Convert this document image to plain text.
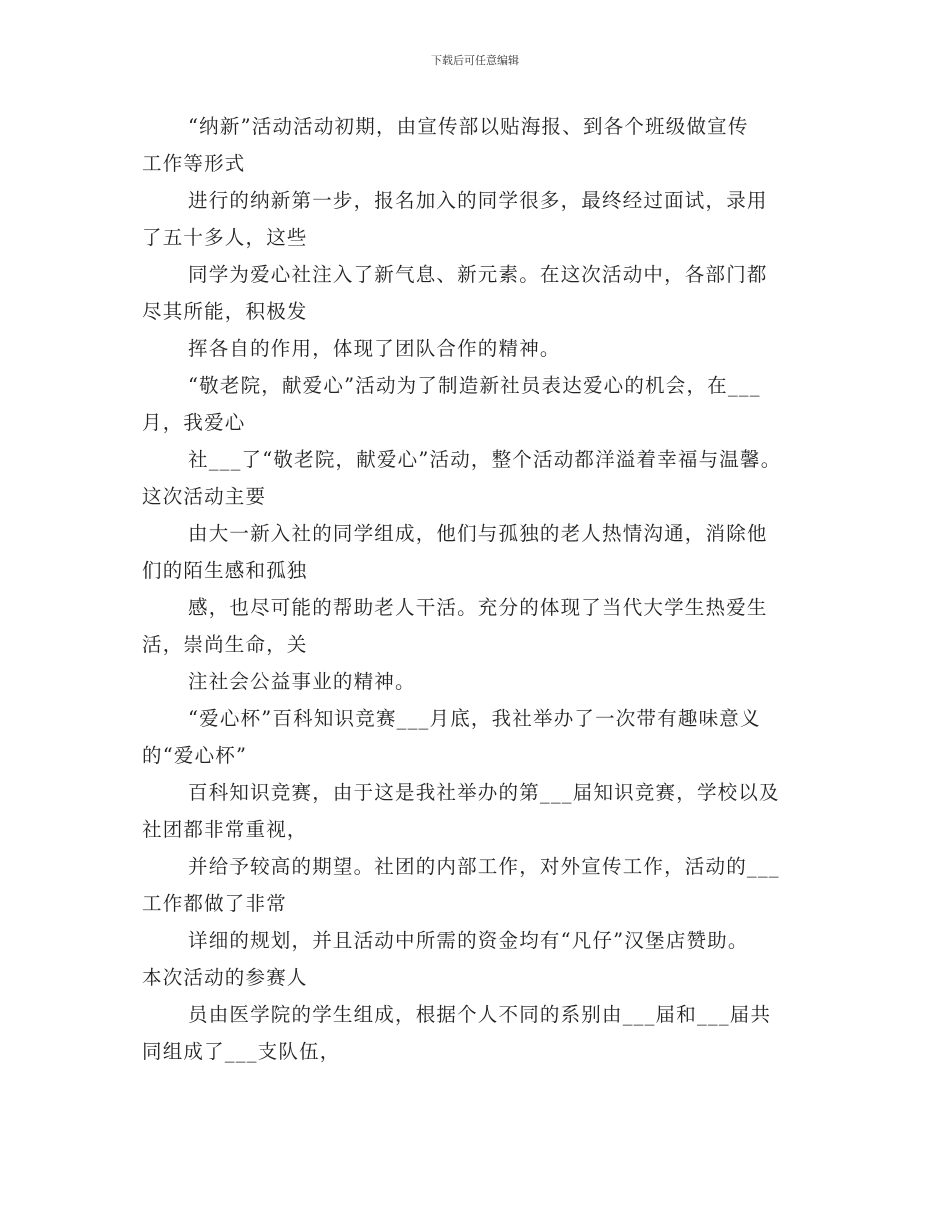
下载后可任意编辑

“纳新”活动活动初期，由宣传部以贴海报、到各个班级做宣传
工作等形式

进行的纳新第一步，报名加入的同学很多，最终经过面试，录用
了五十多人，这些

同学为爱心社注入了新气息、新元素。在这次活动中，各部门都
尽其所能，积极发

挥各自的作用，体现了团队合作的精神。

“敬老院，献爱心”活动为了制造新社员表达爱心的机会，在___
月，我爱心

社___了“敬老院，献爱心”活动，整个活动都洋溢着幸福与温馨。
这次活动主要

由大一新入社的同学组成，他们与孤独的老人热情沟通，消除他
们的陌生感和孤独

感，也尽可能的帮助老人干活。充分的体现了当代大学生热爱生
活，崇尚生命，关

注社会公益事业的精神。

“爱心杯”百科知识竞赛___月底，我社举办了一次带有趣味意义
的“爱心杯”

百科知识竞赛，由于这是我社举办的第___届知识竞赛，学校以及
社团都非常重视，

并给予较高的期望。社团的内部工作，对外宣传工作，活动的___
工作都做了非常

详细的规划，并且活动中所需的资金均有“凡仔”汉堡店赞助。
本次活动的参赛人

员由医学院的学生组成，根据个人不同的系别由___届和___届共
同组成了___支队伍，
